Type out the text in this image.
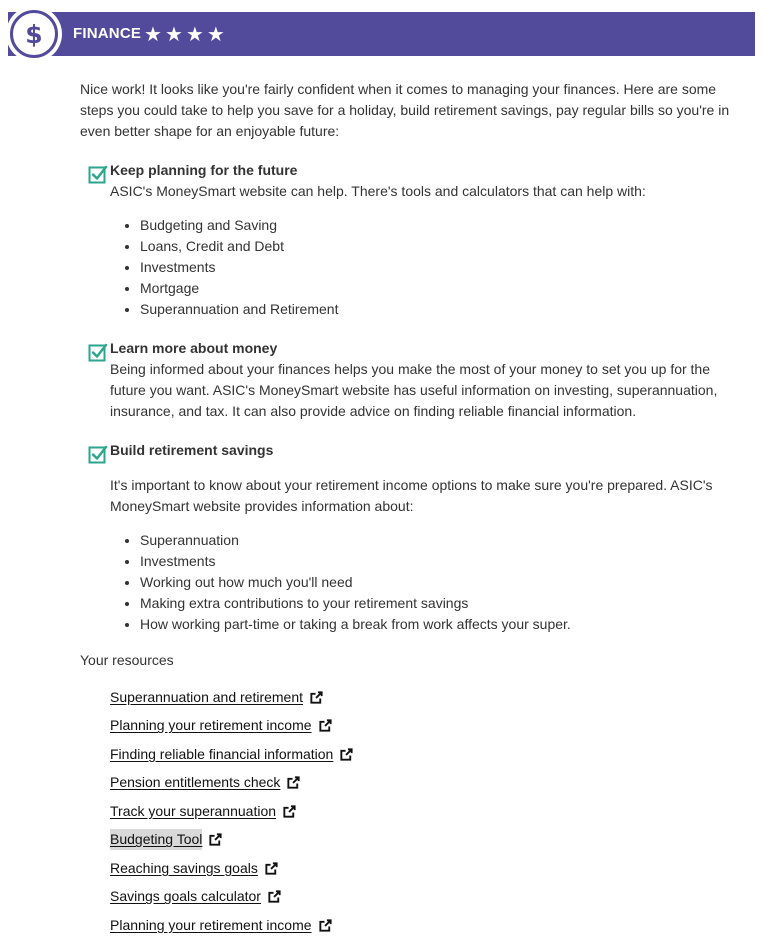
$	FINANCE ★ ★ ★ ★

Nice work! It looks like you're fairly confident when it comes to managing your finances. Here are some steps you could take to help you save for a holiday, build retirement savings, pay regular bills so you're in even better shape for an enjoyable future:

Keep planning for the future

ASIC's MoneySmart website can help. There's tools and calculators that can help with:

• Budgeting and Saving
• Loans, Credit and Debt
• Investments
• Mortgage
• Superannuation and Retirement
Learn more about money

Being informed about your finances helps you make the most of your money to set you up for the future you want. ASIC's MoneySmart website has useful information on investing, superannuation, insurance, and tax. It can also provide advice on finding reliable financial information.

Build retirement savings

It's important to know about your retirement income options to make sure you're prepared. ASIC's MoneySmart website provides information about:

• Superannuation
• Investments
• Working out how much you'll need
• Making extra contributions to your retirement savings
• How working part-time or taking a break from work affects your super.

Your resources

Superannuation and retirement
Planning your retirement income
Finding reliable financial information
Pension entitlements check
Track your superannuation
Budgeting Tool
Reaching savings goals
Savings goals calculator
Planning your retirement income
